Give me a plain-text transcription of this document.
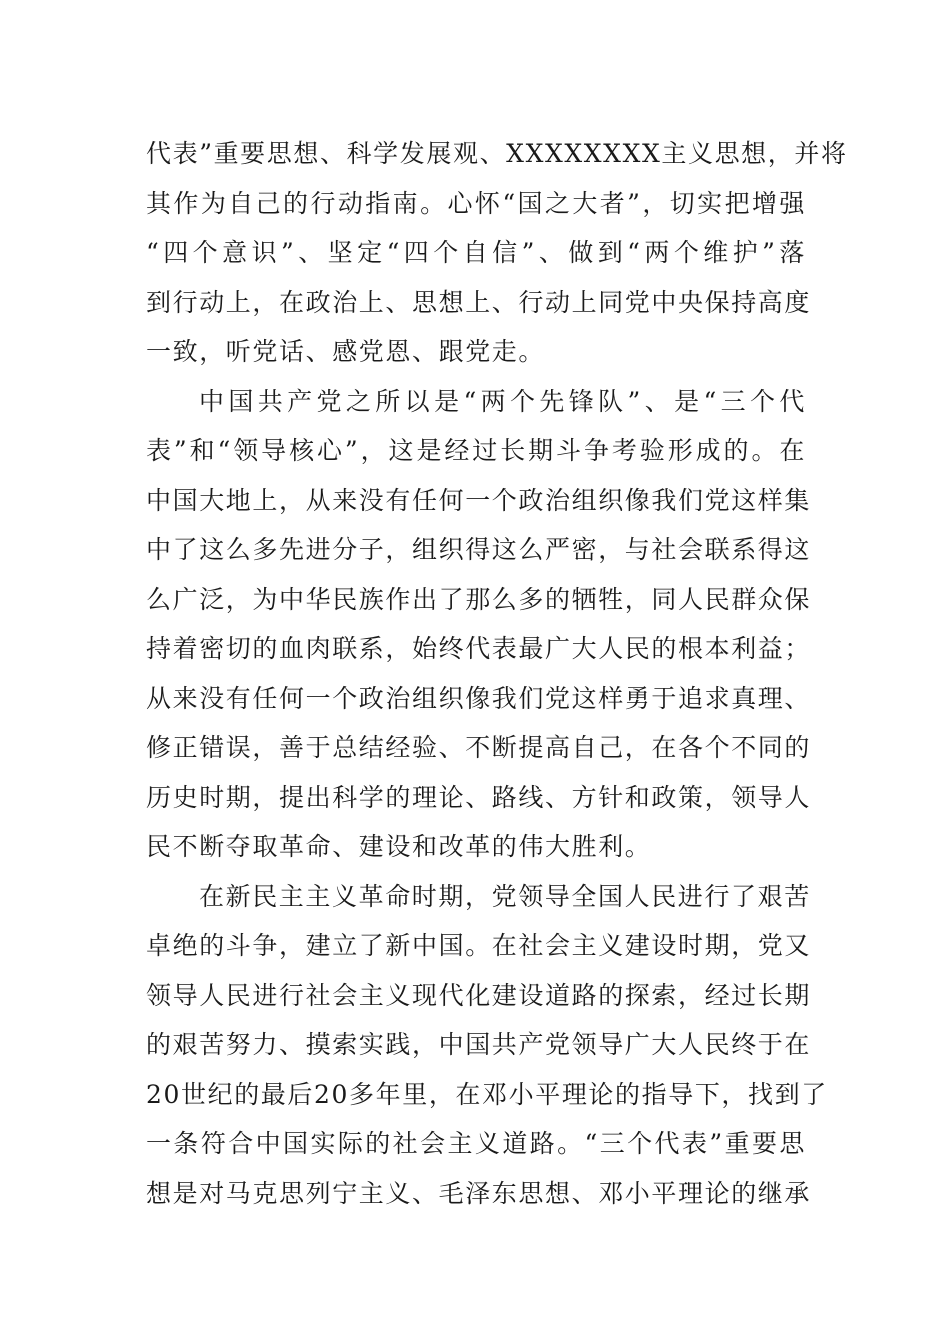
代表”重要思想、科学发展观、XXXXXXXX主义思想，并将
其作为自己的行动指南。心怀“国之大者”，切实把增强
“四个意识”、坚定“四个自信”、做到“两个维护”落
到行动上，在政治上、思想上、行动上同党中央保持高度
一致，听党话、感党恩、跟党走。
中国共产党之所以是“两个先锋队”、是“三个代
表”和“领导核心”，这是经过长期斗争考验形成的。在
中国大地上，从来没有任何一个政治组织像我们党这样集
中了这么多先进分子，组织得这么严密，与社会联系得这
么广泛，为中华民族作出了那么多的牺牲，同人民群众保
持着密切的血肉联系，始终代表最广大人民的根本利益；
从来没有任何一个政治组织像我们党这样勇于追求真理、
修正错误，善于总结经验、不断提高自己，在各个不同的
历史时期，提出科学的理论、路线、方针和政策，领导人
民不断夺取革命、建设和改革的伟大胜利。
在新民主主义革命时期，党领导全国人民进行了艰苦
卓绝的斗争，建立了新中国。在社会主义建设时期，党又
领导人民进行社会主义现代化建设道路的探索，经过长期
的艰苦努力、摸索实践，中国共产党领导广大人民终于在
20世纪的最后20多年里，在邓小平理论的指导下，找到了
一条符合中国实际的社会主义道路。“三个代表”重要思
想是对马克思列宁主义、毛泽东思想、邓小平理论的继承
